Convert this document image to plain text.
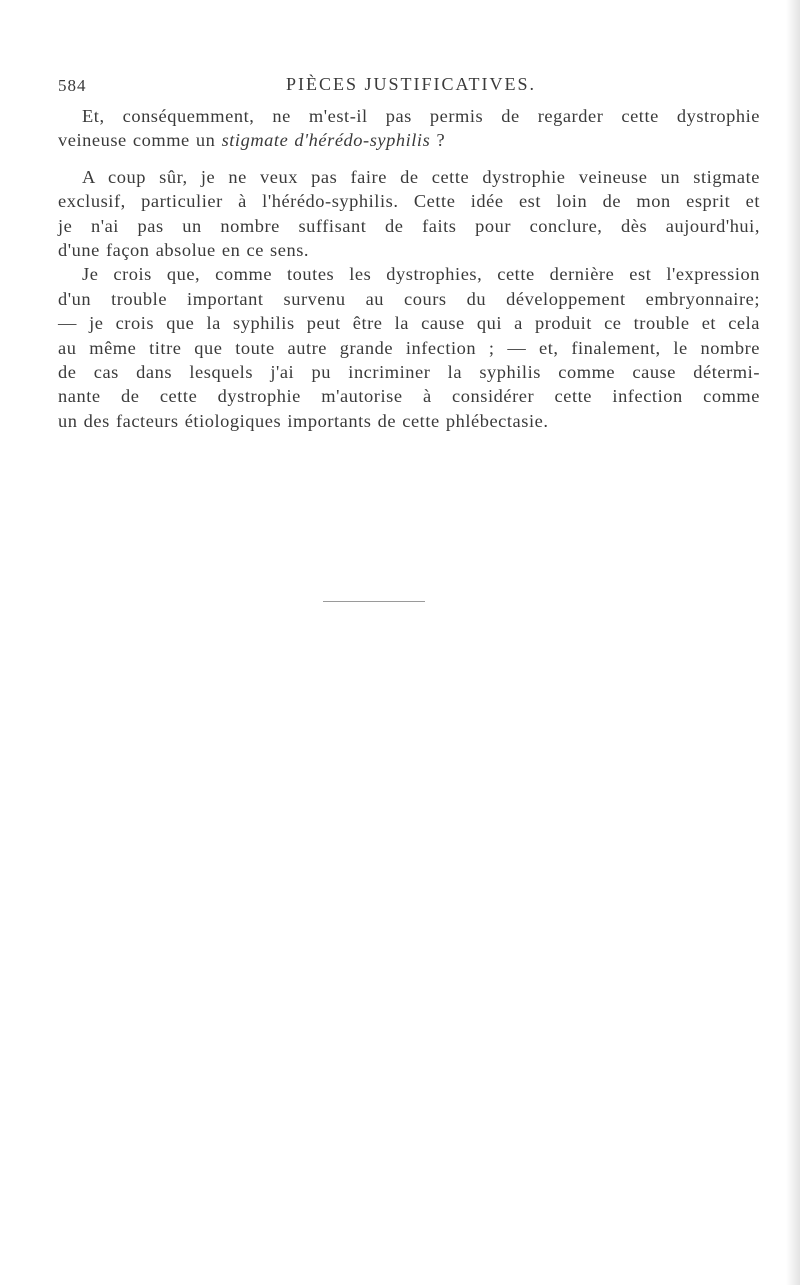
584	PIÈCES JUSTIFICATIVES.

Et, conséquemment, ne m'est-il pas permis de regarder cette dystrophie
veineuse comme un stigmate d'hérédo-syphilis ?

A coup sûr, je ne veux pas faire de cette dystrophie veineuse un stigmate
exclusif, particulier à l'hérédo-syphilis. Cette idée est loin de mon esprit et
je n'ai pas un nombre suffisant de faits pour conclure, dès aujourd'hui,
d'une façon absolue en ce sens.

Je crois que, comme toutes les dystrophies, cette dernière est l'expression
d'un trouble important survenu au cours du développement embryonnaire;
— je crois que la syphilis peut être la cause qui a produit ce trouble et cela
au même titre que toute autre grande infection ; — et, finalement, le nombre
de cas dans lesquels j'ai pu incriminer la syphilis comme cause détermi-
nante de cette dystrophie m'autorise à considérer cette infection comme
un des facteurs étiologiques importants de cette phlébectasie.
